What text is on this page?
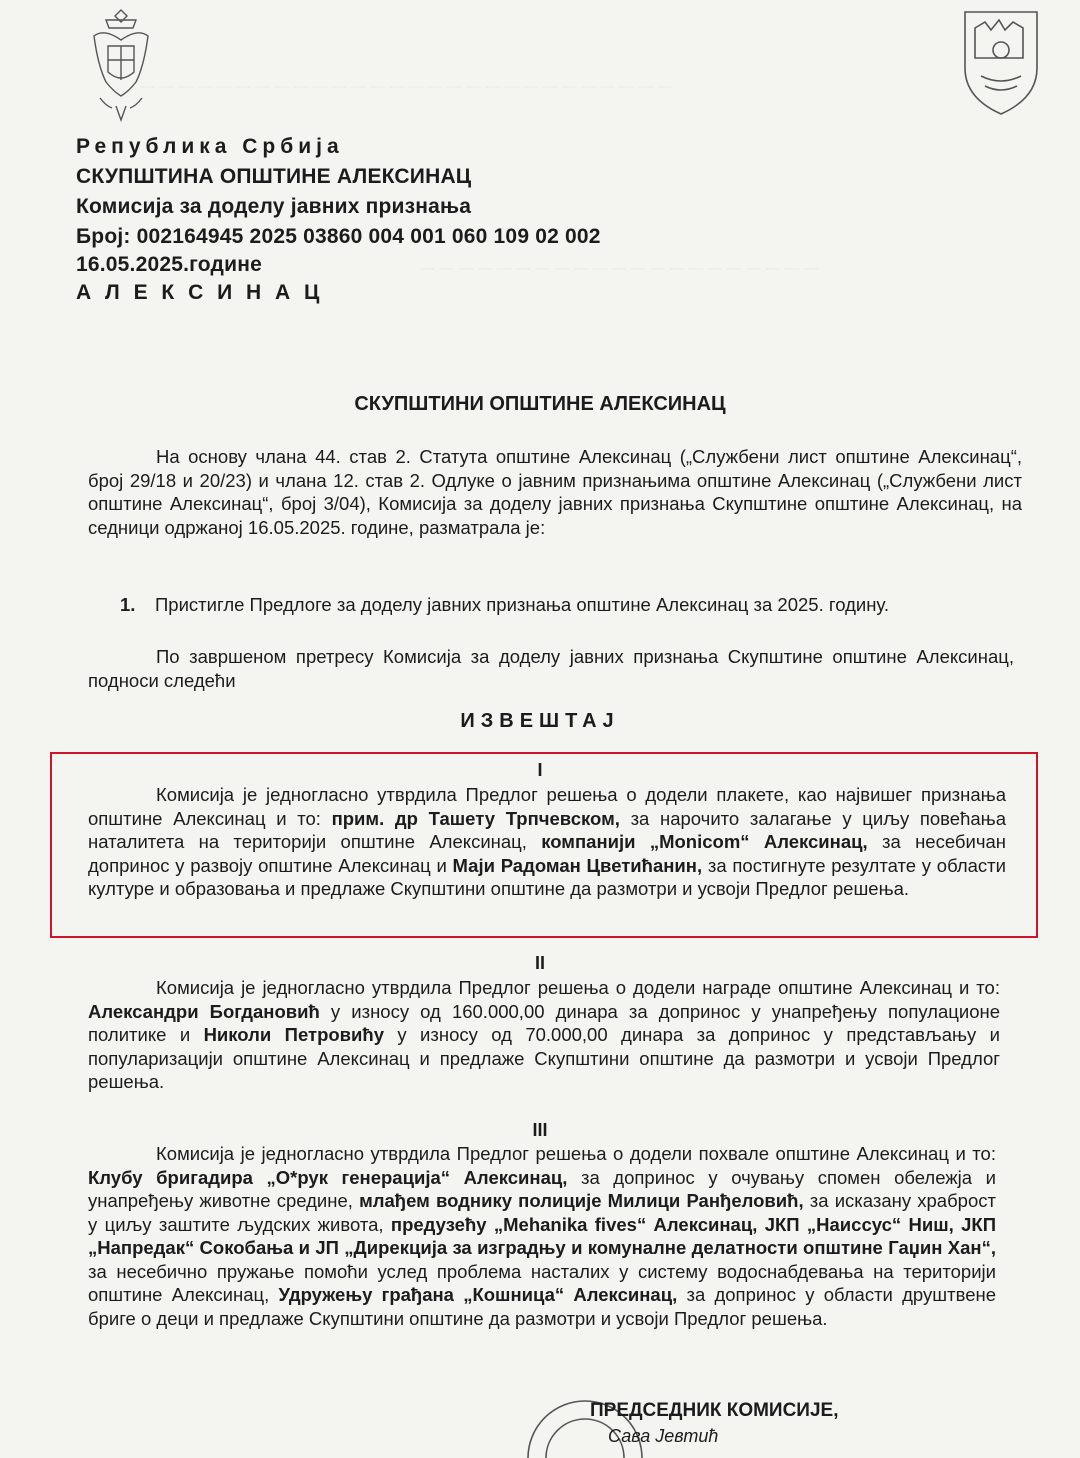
— — — — — — — — — — — — — — — — — — — — — — — — — — — —
— — — — — — — — — — — — — — — — — — — — —
Република Србија
СКУПШТИНА ОПШТИНЕ АЛЕКСИНАЦ
Комисија за доделу јавних признања
Број: 002164945 2025 03860 004 001 060 109 02 002
16.05.2025.године
А Л Е К С И Н А Ц
СКУПШТИНИ ОПШТИНЕ АЛЕКСИНАЦ
На основу члана 44. став 2. Статута општине Алексинац („Службени лист општине Алексинац“, број 29/18 и 20/23) и члана 12. став 2. Одлуке о јавним признањима општине Алексинац („Службени лист општине Алексинац“, број 3/04), Комисија за доделу јавних признања Скупштине општине Алексинац, на седници одржаној 16.05.2025. године, разматрала је:
1. Пристигле Предлоге за доделу јавних признања општине Алексинац за 2025. годину.
По завршеном претресу Комисија за доделу јавних признања Скупштине општине Алексинац, подноси следећи
ИЗВЕШТАЈ
I
Комисија је једногласно утврдила Предлог решења о додели плакете, као највишег признања општине Алексинац и то: прим. др Ташету Трпчевском, за нарочито залагање у циљу повећања наталитета на територији општине Алексинац, компанији „Monicom“ Алексинац, за несебичан допринос у развоју општине Алексинац и Маји Радоман Цветићанин, за постигнуте резултате у области културе и образовања и предлаже Скупштини општине да размотри и усвоји Предлог решења.
II
Комисија је једногласно утврдила Предлог решења о додели награде општине Алексинац и то: Александри Богдановић у износу од 160.000,00 динара за допринос у унапређењу популационе политике и Николи Петровићу у износу од 70.000,00 динара за допринос у представљању и популаризацији општине Алексинац и предлаже Скупштини општине да размотри и усвоји Предлог решења.
III
Комисија је једногласно утврдила Предлог решења о додели похвале општине Алексинац и то: Клубу бригадира „О*рук генерација“ Алексинац, за допринос у очувању спомен обележја и унапређењу животне средине, млађем воднику полиције Милици Ранђеловић, за исказану храброст у циљу заштите људских живота, предузећу „Mehanika fives“ Алексинац, ЈКП „Наиссус“ Ниш, ЈКП „Напредак“ Сокобања и ЈП „Дирекција за изградњу и комуналне делатности општине Гаџин Хан“, за несебично пружање помоћи услед проблема насталих у систему водоснабдевања на територији општине Алексинац, Удружењу грађана „Кошница“ Алексинац, за допринос у области друштвене бриге о деци и предлаже Скупштини општине да размотри и усвоји Предлог решења.
ПРЕДСЕДНИК КОМИСИЈЕ,
Сава Јевтић
